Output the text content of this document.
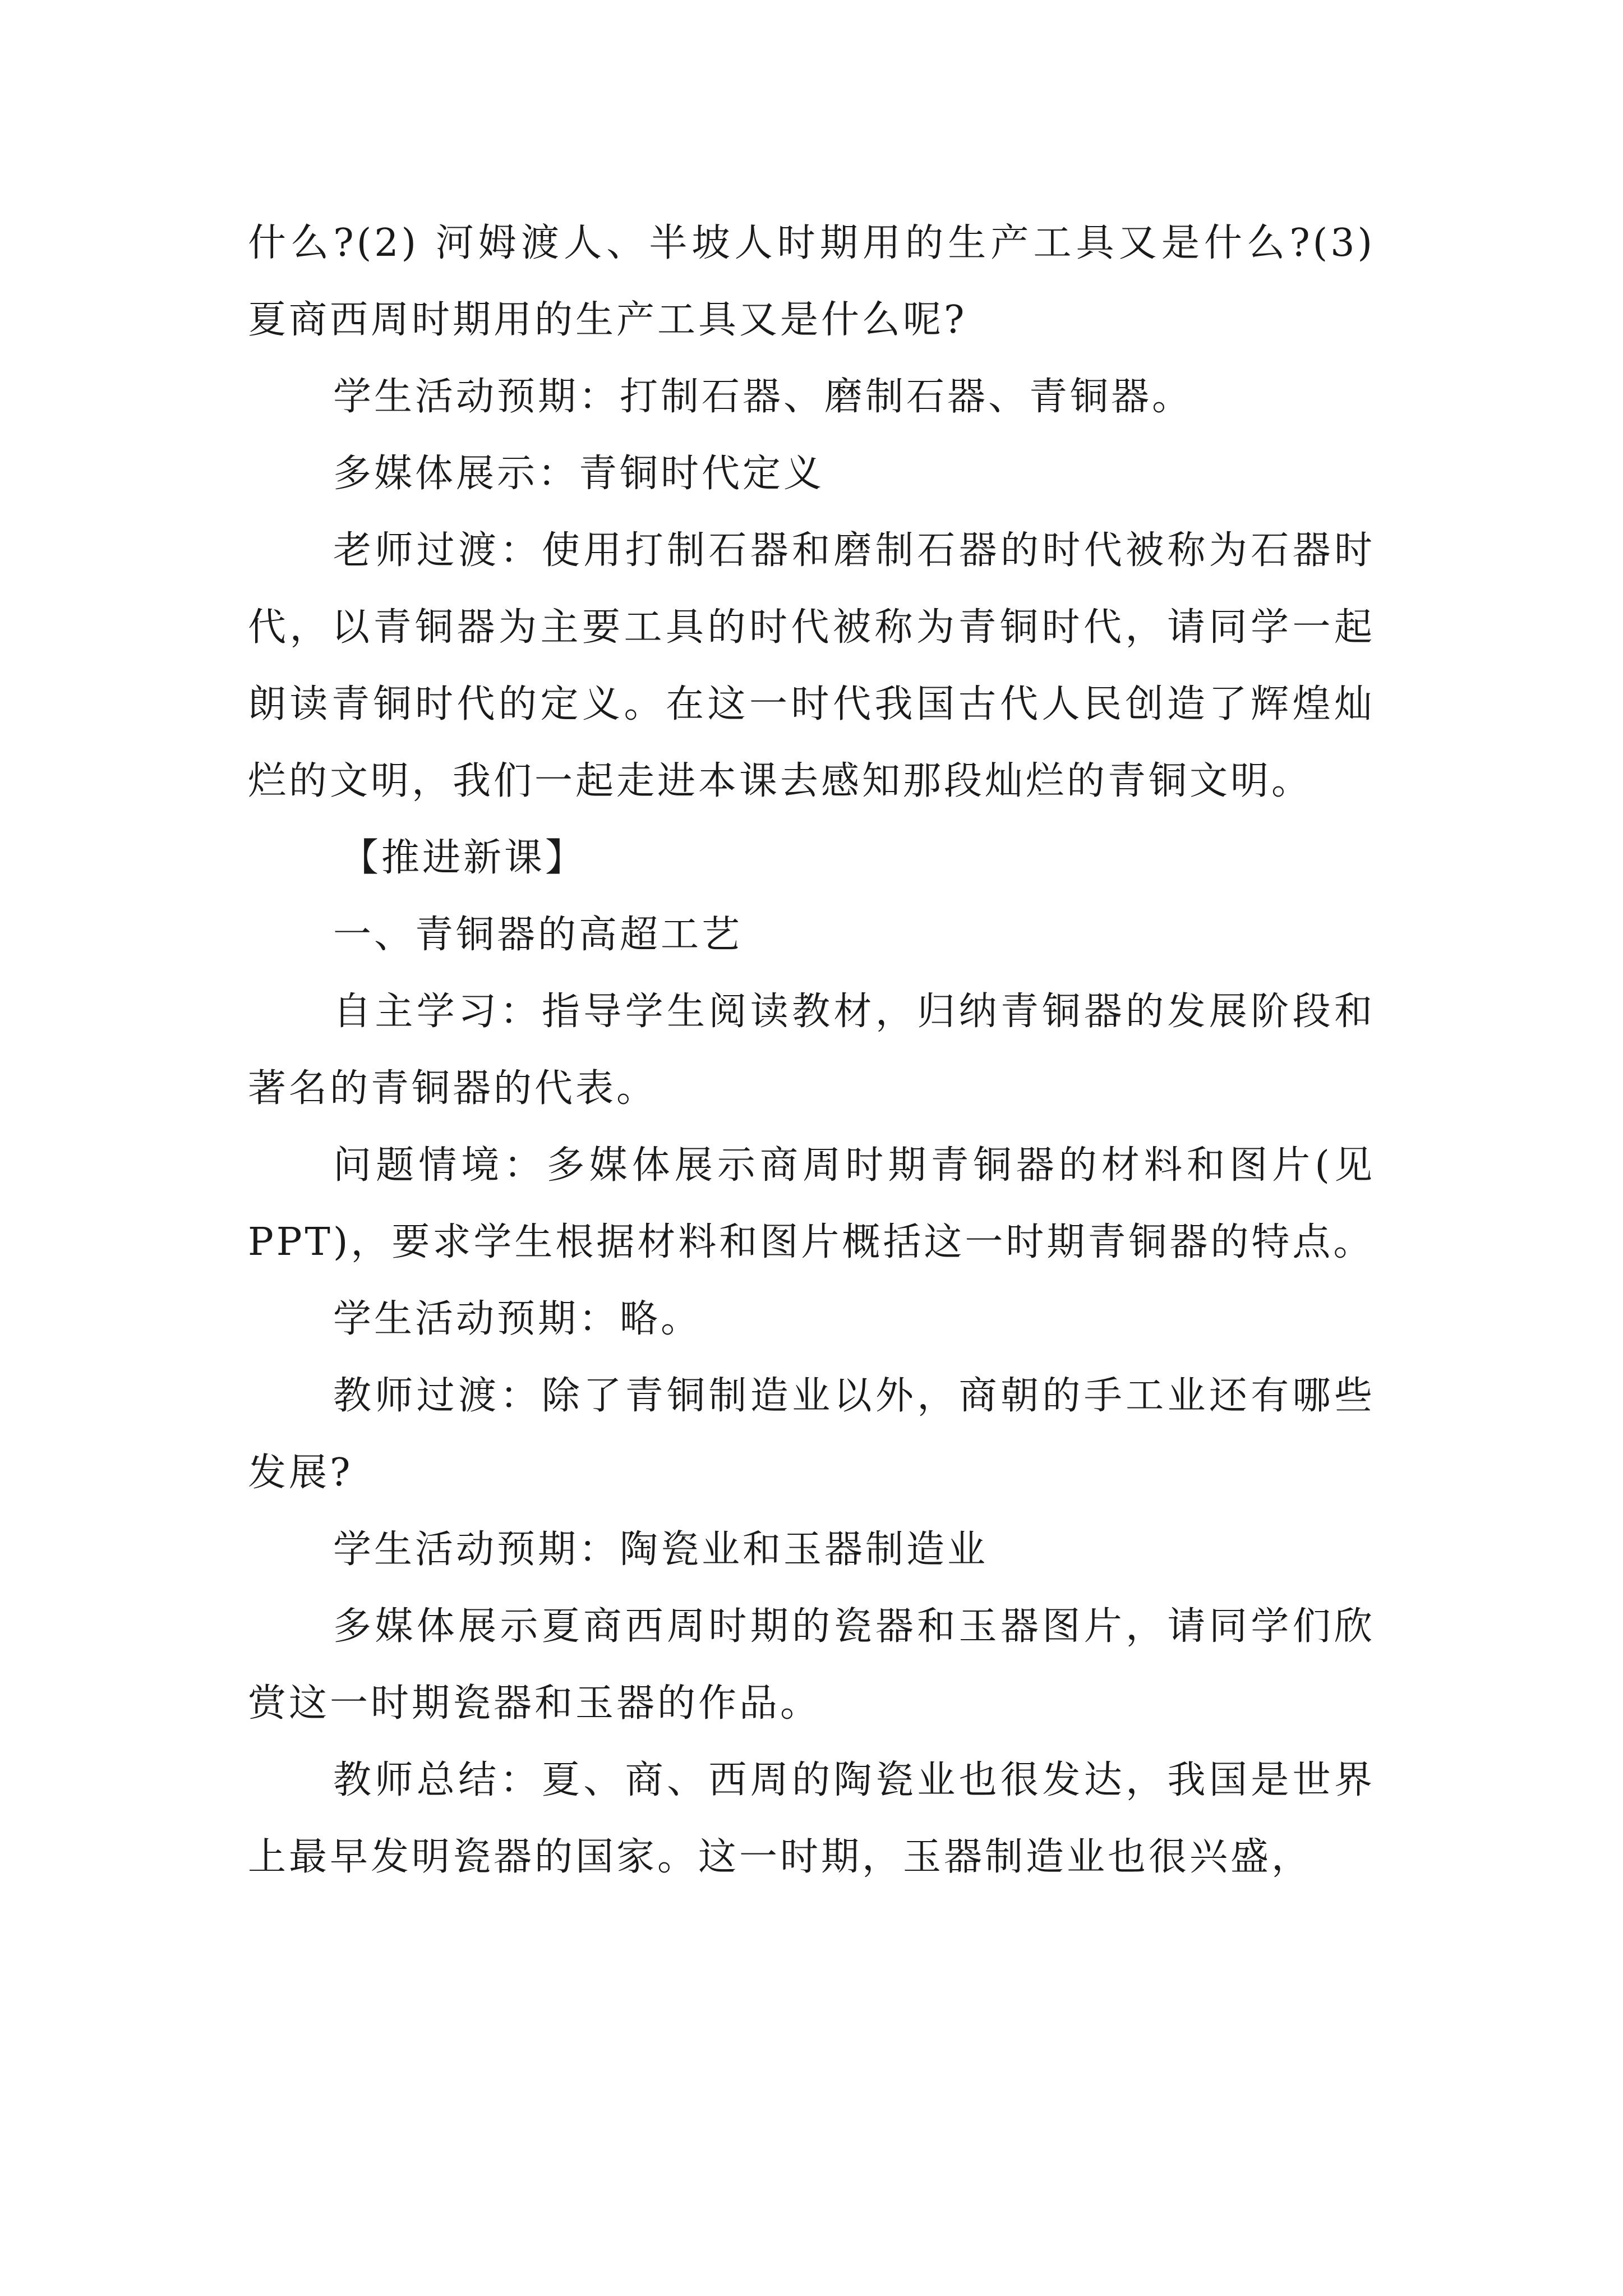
什么?(2) 河姆渡人、半坡人时期用的生产工具又是什么?(3)夏商西周时期用的生产工具又是什么呢?

学生活动预期：打制石器、磨制石器、青铜器。

多媒体展示：青铜时代定义

老师过渡：使用打制石器和磨制石器的时代被称为石器时代，以青铜器为主要工具的时代被称为青铜时代，请同学一起朗读青铜时代的定义。在这一时代我国古代人民创造了辉煌灿烂的文明，我们一起走进本课去感知那段灿烂的青铜文明。

【推进新课】

一、青铜器的高超工艺

自主学习：指导学生阅读教材，归纳青铜器的发展阶段和著名的青铜器的代表。

问题情境：多媒体展示商周时期青铜器的材料和图片(见 PPT)，要求学生根据材料和图片概括这一时期青铜器的特点。

学生活动预期：略。

教师过渡：除了青铜制造业以外，商朝的手工业还有哪些发展?

学生活动预期：陶瓷业和玉器制造业

多媒体展示夏商西周时期的瓷器和玉器图片，请同学们欣赏这一时期瓷器和玉器的作品。

教师总结：夏、商、西周的陶瓷业也很发达，我国是世界上最早发明瓷器的国家。这一时期，玉器制造业也很兴盛，
